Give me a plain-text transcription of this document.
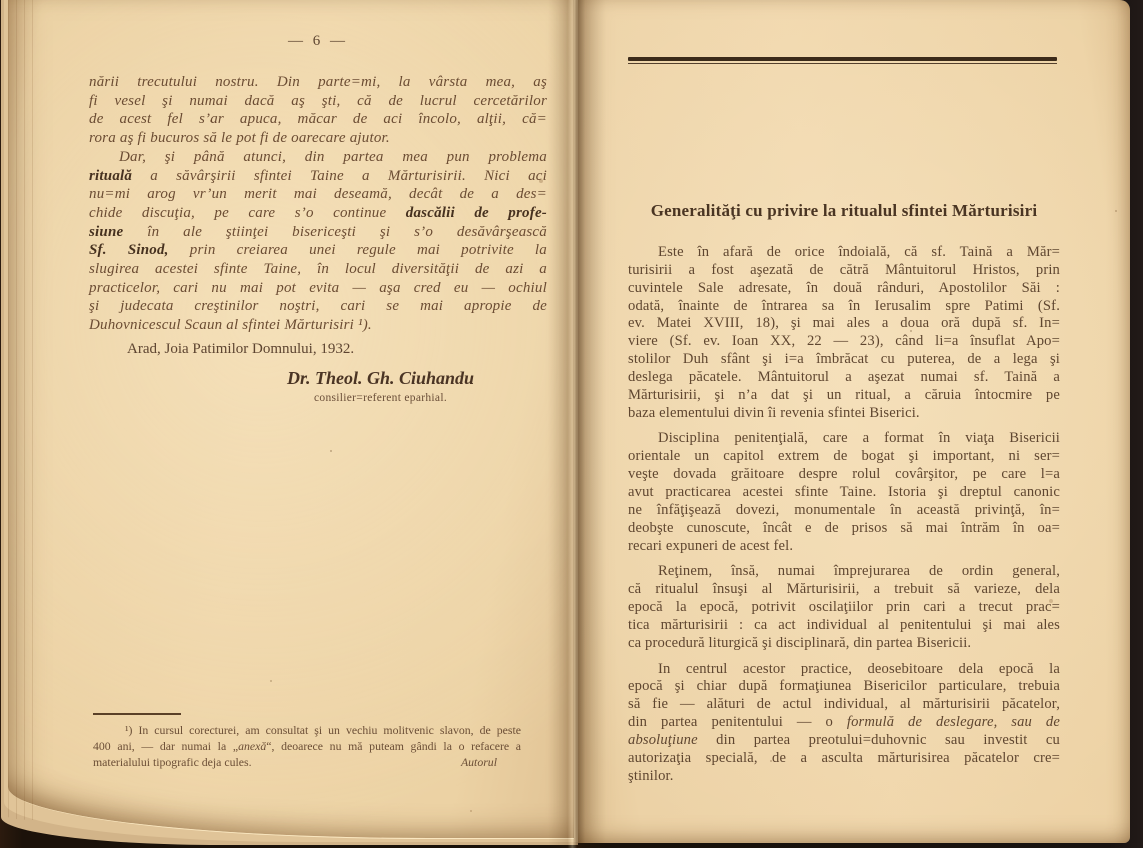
— 6 —
nării trecutului nostru. Din parte=mi, la vârsta mea, aş
fi vesel şi numai dacă aş şti, că de lucrul cercetărilor
de acest fel s’ar apuca, măcar de aci încolo, alţii, că=
rora aş fi bucuros să le pot fi de oarecare ajutor.
Dar, şi până atunci, din partea mea pun problema
rituală a săvârşirii sfintei Taine a Mărturisirii. Nici aci
nu=mi arog vr’un merit mai deseamă, decât de a des=
chide discuţia, pe care s’o continue dascălii de profe-
siune în ale ştiinţei bisericeşti şi s’o desăvârşească
Sf. Sinod, prin creiarea unei regule mai potrivite la
slugirea acestei sfinte Taine, în locul diversităţii de azi a
practicelor, cari nu mai pot evita — aşa cred eu — ochiul
şi judecata creştinilor noştri, cari se mai apropie de
Duhovnicescul Scaun al sfintei Mărturisiri ¹).
Arad, Joia Patimilor Domnului, 1932.
Dr. Theol. Gh. Ciuhandu
consilier=referent eparhial.
¹) In cursul corecturei, am consultat şi un vechiu molitvenic slavon, de peste
400 ani, — dar numai la „anexă“, deoarece nu mă puteam gândi la o refacere a
materialului tipografic deja cules.	Autorul
Generalităţi cu privire la ritualul sfintei Mărturisiri
Este în afară de orice îndoială, că sf. Taină a Măr=
turisirii a fost aşezată de cătră Mântuitorul Hristos, prin
cuvintele Sale adresate, în două rânduri, Apostolilor Săi :
odată, înainte de întrarea sa în Ierusalim spre Patimi (Sf.
ev. Matei XVIII, 18), şi mai ales a doua oră după sf. In=
viere (Sf. ev. Ioan XX, 22 — 23), când li=a însuflat Apo=
stolilor Duh sfânt şi i=a îmbrăcat cu puterea, de a lega şi
deslega păcatele. Mântuitorul a aşezat numai sf. Taină a
Mărturisirii, şi n’a dat şi un ritual, a căruia întocmire pe
baza elementului divin îi revenia sfintei Biserici.
Disciplina penitenţială, care a format în viaţa Bisericii
orientale un capitol extrem de bogat şi important, ni ser=
veşte dovada grăitoare despre rolul covârşitor, pe care l=a
avut practicarea acestei sfinte Taine. Istoria şi dreptul canonic
ne înfăţişează dovezi, monumentale în această privinţă, în=
deobşte cunoscute, încât e de prisos să mai întrăm în oa=
recari expuneri de acest fel.
Reţinem, însă, numai împrejurarea de ordin general,
că ritualul însuşi al Mărturisirii, a trebuit să varieze, dela
epocă la epocă, potrivit oscilaţiilor prin cari a trecut prac=
tica mărturisirii : ca act individual al penitentului şi mai ales
ca procedură liturgică şi disciplinară, din partea Bisericii.
In centrul acestor practice, deosebitoare dela epocă la
epocă şi chiar după formaţiunea Bisericilor particulare, trebuia
să fie — alături de actul individual, al mărturisirii păcatelor,
din partea penitentului — o formulă de deslegare, sau de
absoluţiune din partea preotului=duhovnic sau investit cu
autorizaţia specială, de a asculta mărturisirea păcatelor cre=
ştinilor.
